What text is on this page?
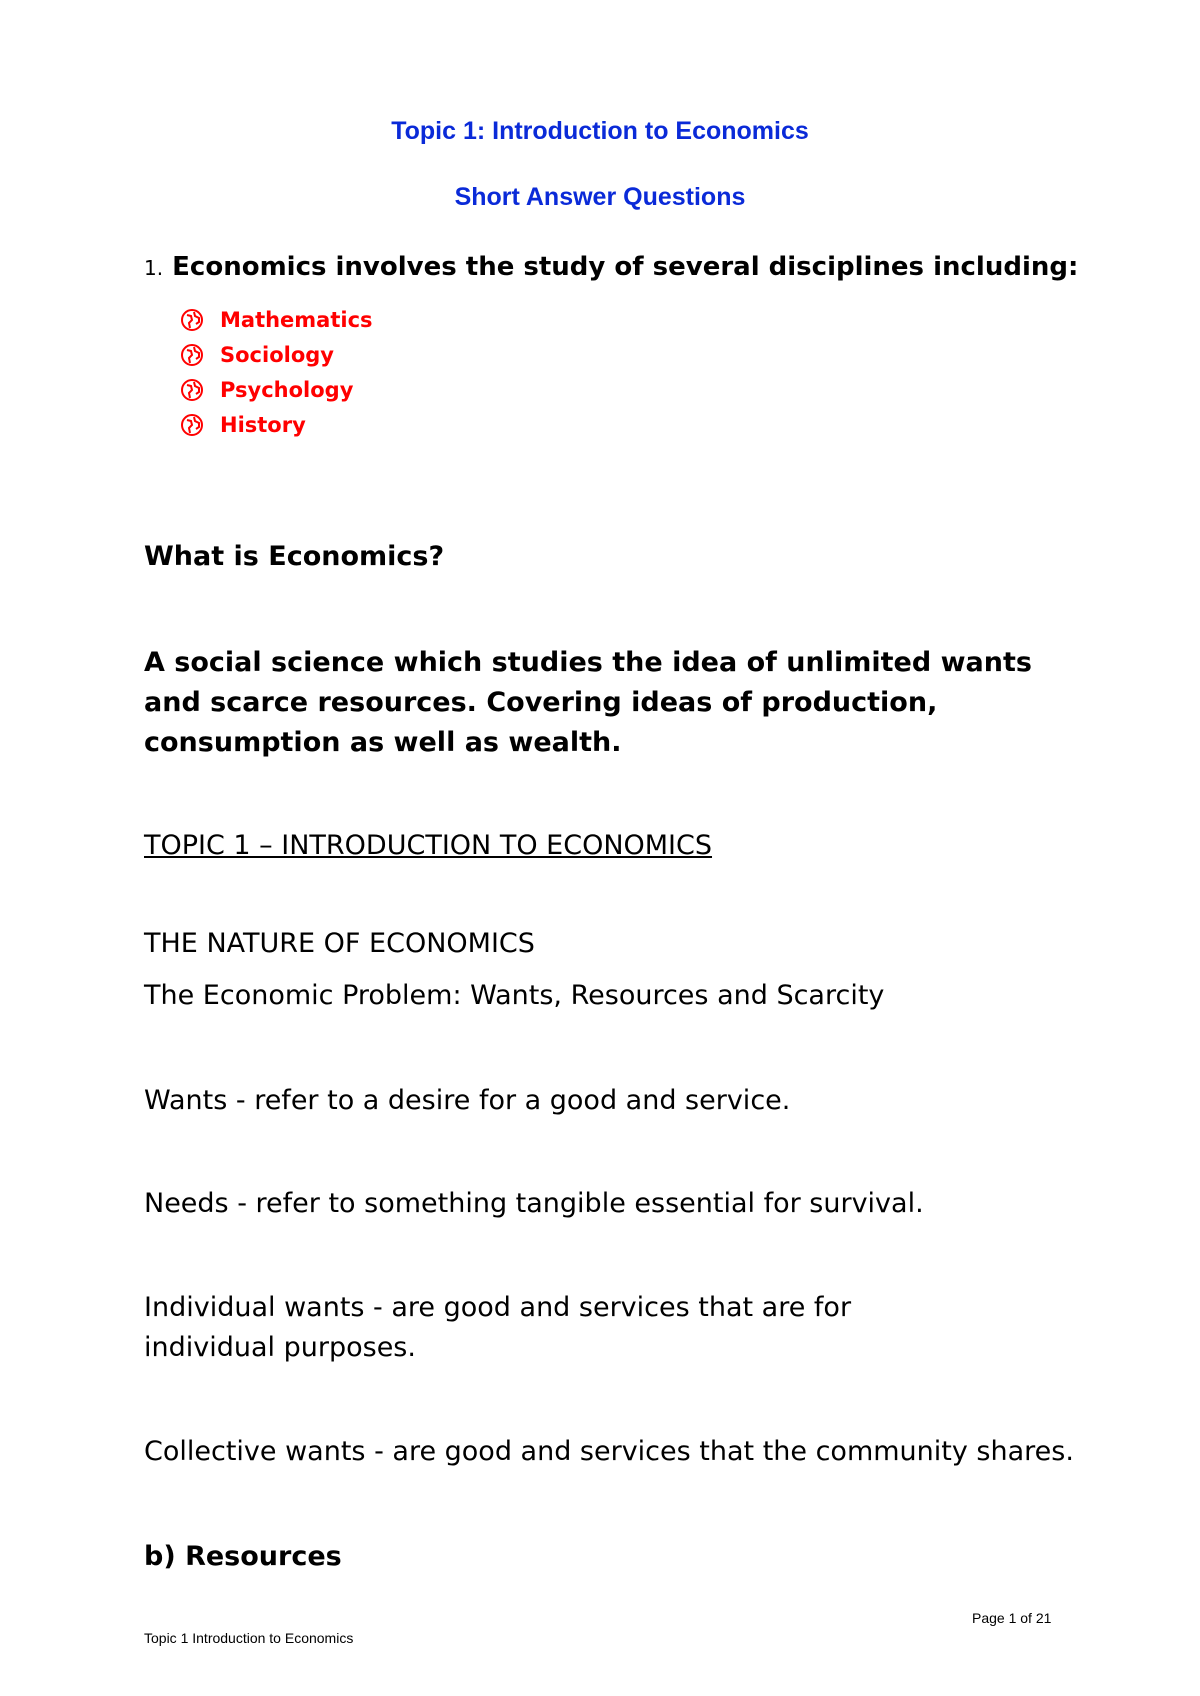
Topic 1: Introduction to Economics
Short Answer Questions

1. Economics involves the study of several disciplines including:

Mathematics
Sociology
Psychology
History

What is Economics?

A social science which studies the idea of unlimited wants and scarce resources. Covering ideas of production, consumption as well as wealth.

TOPIC 1 – INTRODUCTION TO ECONOMICS

THE NATURE OF ECONOMICS

The Economic Problem: Wants, Resources and Scarcity

Wants - refer to a desire for a good and service.

Needs - refer to something tangible essential for survival.

Individual wants - are good and services that are for individual purposes.

Collective wants - are good and services that the community shares.

b) Resources

Page 1 of 21
Topic 1 Introduction to Economics
